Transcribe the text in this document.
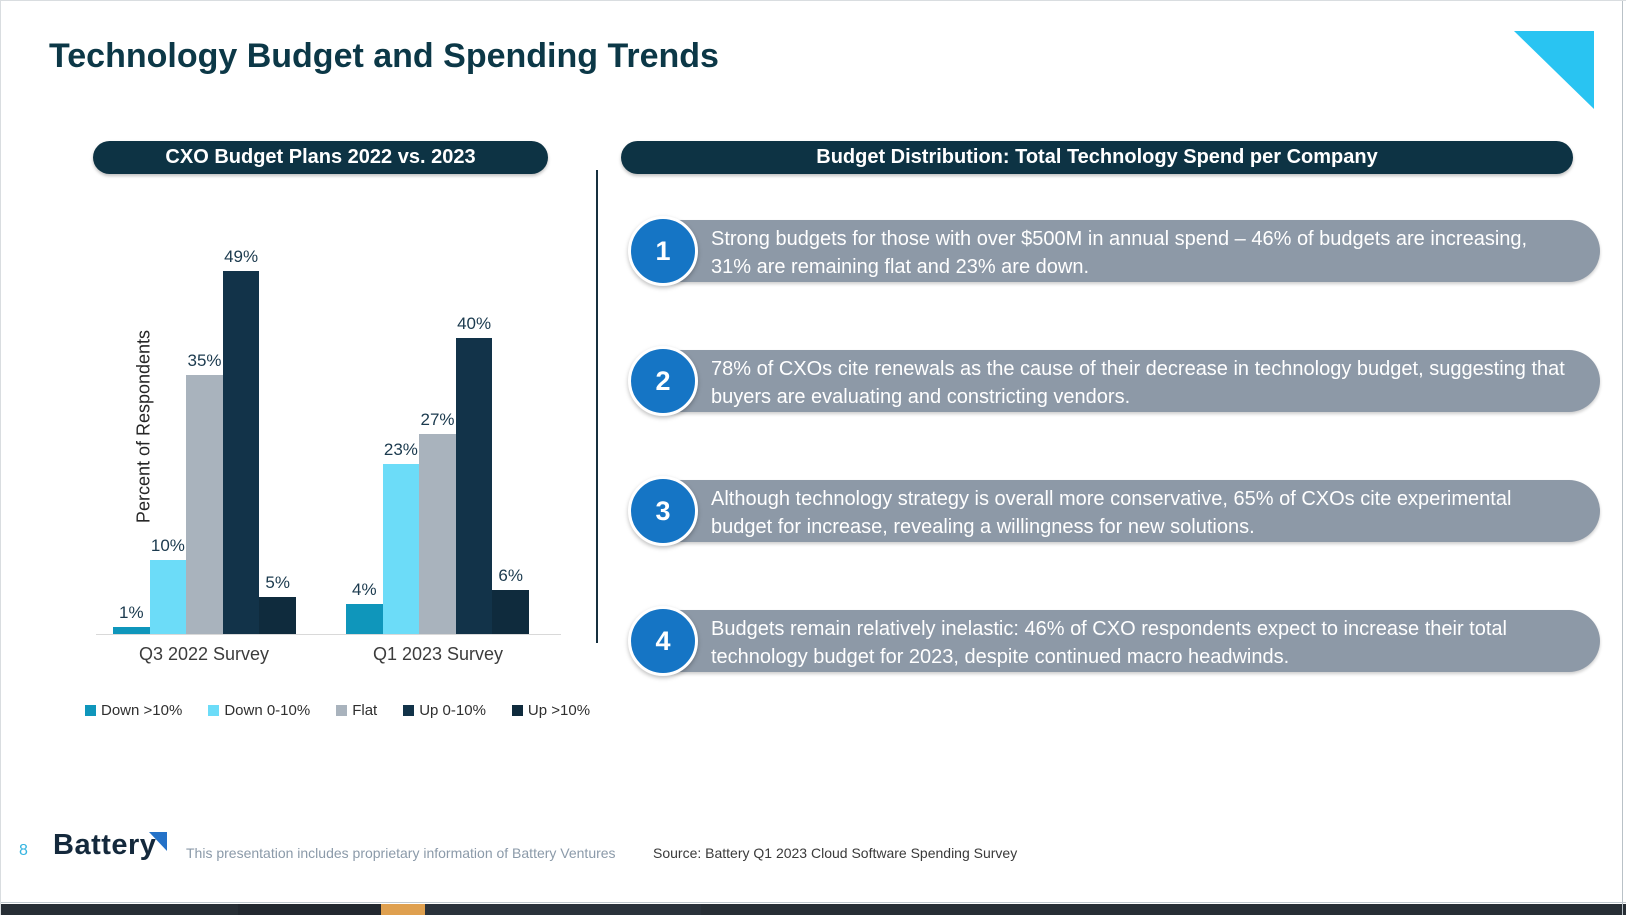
Technology Budget and Spending Trends
CXO Budget Plans 2022 vs. 2023	Budget Distribution: Total Technology Spend per Company
Percent of Respondents
Q3 2022 Survey	Q1 2023 Survey
1%
10%
35%
49%
5%	4%
23%
27%
40%
6%
Down >10%	Down 0-10%	Flat	Up 0-10%	Up >10%
Strong budgets for those with over $500M in annual spend – 46% of budgets are increasing, 31% are remaining flat and 23% are down.
1
78% of CXOs cite renewals as the cause of their decrease in technology budget, suggesting that buyers are evaluating and constricting vendors.
2
Although technology strategy is overall more conservative, 65% of CXOs cite experimental budget for increase, revealing a willingness for new solutions.
3
Budgets remain relatively inelastic: 46% of CXO respondents expect to increase their total technology budget for 2023, despite continued macro headwinds.
4
8 Battery This presentation includes proprietary information of Battery Ventures	Source: Battery Q1 2023 Cloud Software Spending Survey
